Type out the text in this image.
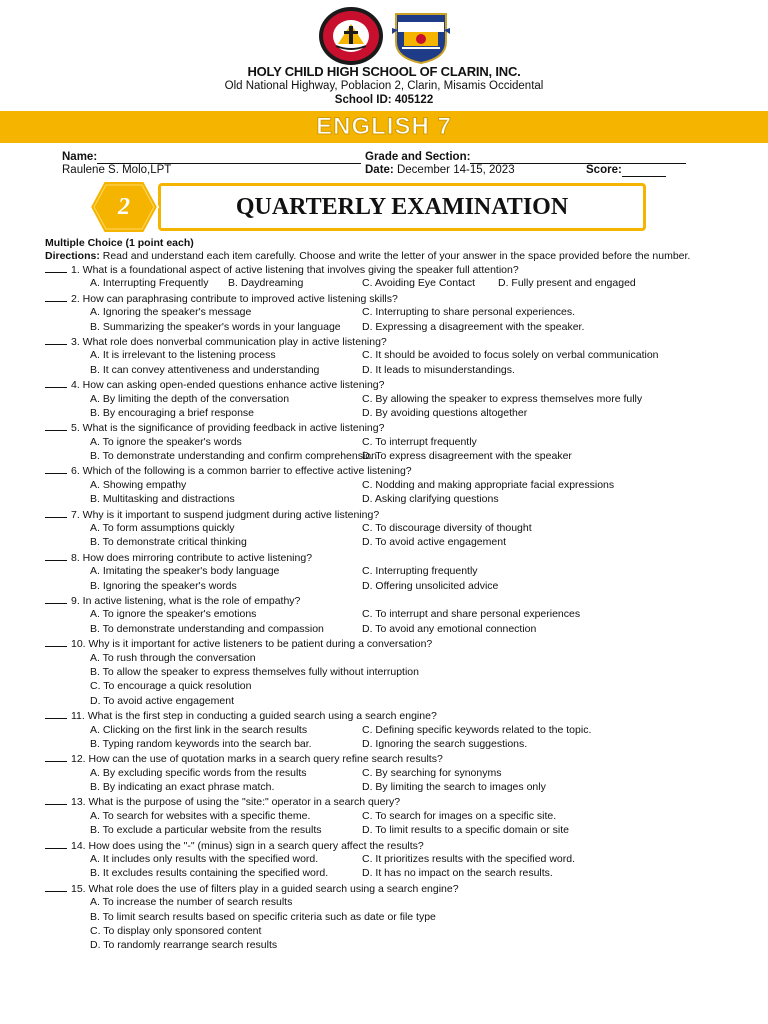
HOLY CHILD HIGH SCHOOL OF CLARIN, INC.
Old National Highway, Poblacion 2, Clarin, Misamis Occidental
School ID: 405122
ENGLISH 7
Name:	Grade and Section:
Raulene S. Molo,LPT	Date: December 14-15, 2023	Score:
QUARTERLY EXAMINATION
2
Multiple Choice (1 point each)
Directions: Read and understand each item carefully. Choose and write the letter of your answer in the space provided before the number.
1. What is a foundational aspect of active listening that involves giving the speaker full attention?
A. Interrupting Frequently B. Daydreaming	C. Avoiding Eye Contact D. Fully present and engaged
2. How can paraphrasing contribute to improved active listening skills?
A. Ignoring the speaker's message	C. Interrupting to share personal experiences.
B. Summarizing the speaker's words in your language D. Expressing a disagreement with the speaker.
3. What role does nonverbal communication play in active listening?
A. It is irrelevant to the listening process	C. It should be avoided to focus solely on verbal communication
B. It can convey attentiveness and understanding	D. It leads to misunderstandings.
4. How can asking open-ended questions enhance active listening?
A. By limiting the depth of the conversation	C. By allowing the speaker to express themselves more fully
B. By encouraging a brief response	D. By avoiding questions altogether
5. What is the significance of providing feedback in active listening?
A. To ignore the speaker's words	C. To interrupt frequently
B. To demonstrate understanding and confirm comprehension
D. To express disagreement with the speaker
6. Which of the following is a common barrier to effective active listening?
A. Showing empathy	C. Nodding and making appropriate facial expressions
B. Multitasking and distractions	D. Asking clarifying questions
7. Why is it important to suspend judgment during active listening?
A. To form assumptions quickly	C. To discourage diversity of thought
B. To demonstrate critical thinking	D. To avoid active engagement
8. How does mirroring contribute to active listening?
A. Imitating the speaker's body language	C. Interrupting frequently
B. Ignoring the speaker's words	D. Offering unsolicited advice
9. In active listening, what is the role of empathy?
A. To ignore the speaker's emotions	C. To interrupt and share personal experiences
B. To demonstrate understanding and compassion	D. To avoid any emotional connection
10. Why is it important for active listeners to be patient during a conversation?
A. To rush through the conversation
B. To allow the speaker to express themselves fully without interruption
C. To encourage a quick resolution
D. To avoid active engagement
11. What is the first step in conducting a guided search using a search engine?
A. Clicking on the first link in the search results	C. Defining specific keywords related to the topic.
B. Typing random keywords into the search bar.	D. Ignoring the search suggestions.
12. How can the use of quotation marks in a search query refine search results?
A. By excluding specific words from the results	C. By searching for synonyms
B. By indicating an exact phrase match.	D. By limiting the search to images only
13. What is the purpose of using the "site:" operator in a search query?
A. To search for websites with a specific theme.	C. To search for images on a specific site.
B. To exclude a particular website from the results	D. To limit results to a specific domain or site
14. How does using the "-" (minus) sign in a search query affect the results?
A. It includes only results with the specified word.	C. It prioritizes results with the specified word.
B. It excludes results containing the specified word.	D. It has no impact on the search results.
15. What role does the use of filters play in a guided search using a search engine?
A. To increase the number of search results
B. To limit search results based on specific criteria such as date or file type
C. To display only sponsored content
D. To randomly rearrange search results
